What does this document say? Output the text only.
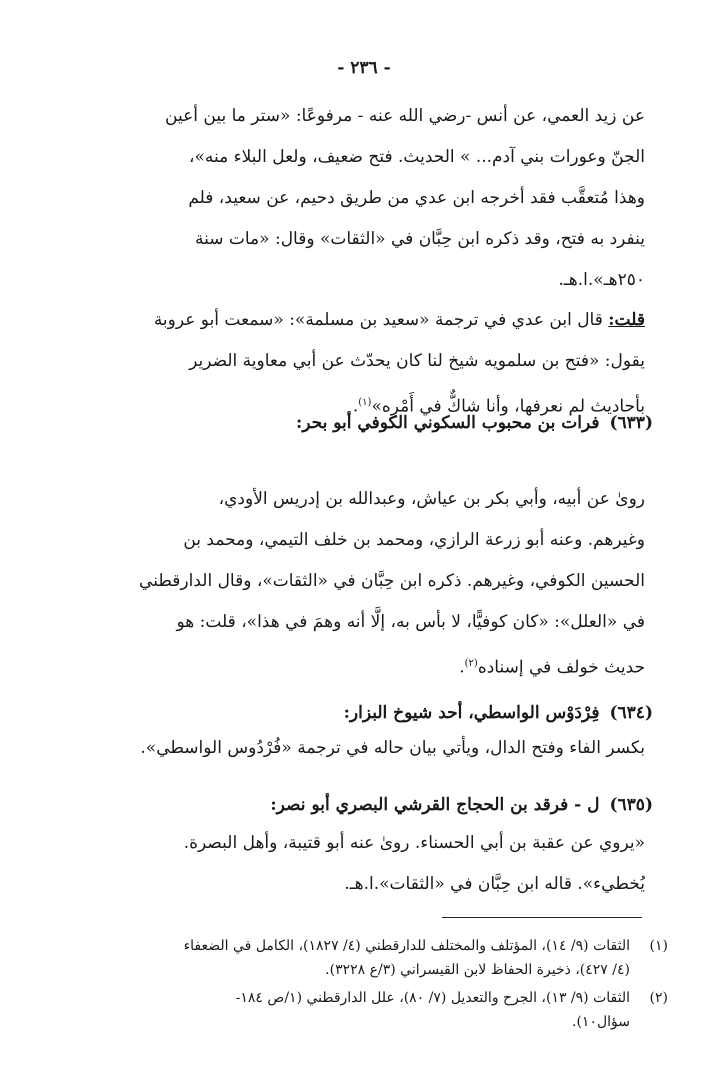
- ٢٣٦ -
عن زيد العمي، عن أنس -رضي الله عنه - مرفوعًا: «ستر ما بين أعين
الجنّ وعورات بني آدم... » الحديث. فتح ضعيف، ولعل البلاء منه»،
وهذا مُتعقَّب فقد أخرجه ابن عدي من طريق دحيم، عن سعيد، فلم
ينفرد به فتح، وقد ذكره ابن حِبَّان في «الثقات» وقال: «مات سنة
٢٥٠هـ».ا.هـ.
قلت: قال ابن عدي في ترجمة «سعيد بن مسلمة»: «سمعت أبو عروبة
يقول: «فتح بن سلمويه شيخ لنا كان يحدّث عن أبي معاوية الضرير
بأحاديث لم نعرفها، وأنا شاكٌّ في أَمْرِه»$^{(١)}$.
(٦٣٣)فرات بن محبوب السكوني الكوفي أبو بحر:
روىٰ عن أبيه، وأبي بكر بن عياش، وعبدالله بن إدريس الأودي،
وغيرهم. وعنه أبو زرعة الرازي، ومحمد بن خلف التيمي، ومحمد بن
الحسين الكوفي، وغيرهم. ذكره ابن حِبَّان في «الثقات»، وقال الدارقطني
في «العلل»: «كان كوفيًّا، لا بأس به، إلَّا أنه وهمَ في هذا»، قلت: هو
حديث خولف في إسناده$^{(٢)}$.
(٦٣٤)فِرْدَوْس الواسطي، أحد شيوخ البزار:
بكسر الفاء وفتح الدال، ويأتي بيان حاله في ترجمة «فُرْدُوس الواسطي».
(٦٣٥)ل - فرقد بن الحجاج القرشي البصري أبو نصر:
«يروي عن عقبة بن أبي الحسناء. روىٰ عنه أبو قتيبة، وأهل البصرة.
يُخطيء». قاله ابن حِبَّان في «الثقات».ا.هـ.
(١)الثقات (٩/ ١٤)، المؤتلف والمختلف للدارقطني (٤/ ١٨٢٧)، الكامل في الضعفاء
(٤/ ٤٢٧)، ذخيرة الحفاظ لابن القيسراني (٣/ع ٣٢٢٨).
(٢)الثقات (٩/ ١٣)، الجرح والتعديل (٧/ ٨٠)، علل الدارقطني (١/ص ١٨٤-
سؤال١٠).
